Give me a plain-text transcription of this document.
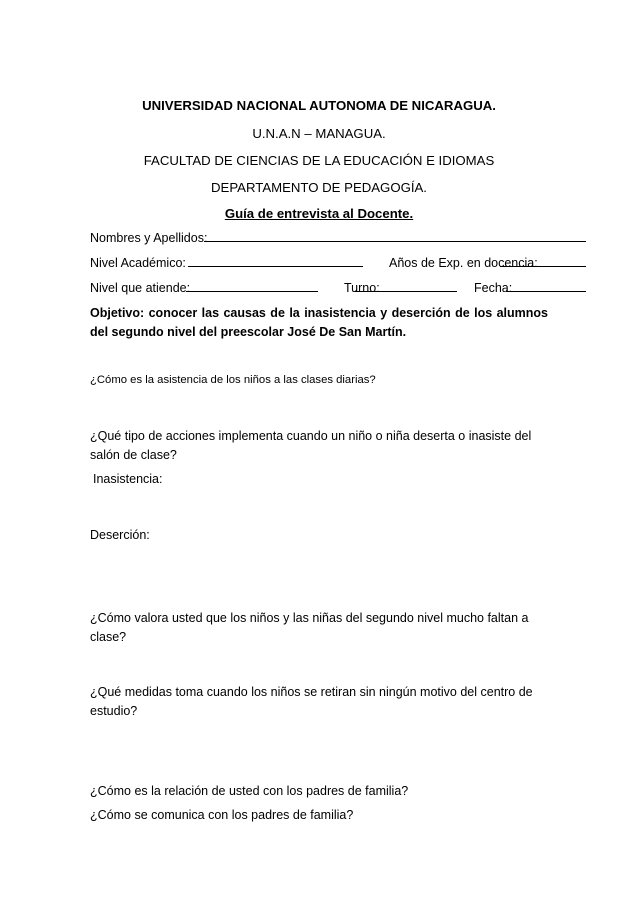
UNIVERSIDAD NACIONAL AUTONOMA DE NICARAGUA.
U.N.A.N – MANAGUA.
FACULTAD DE CIENCIAS DE LA EDUCACIÓN E IDIOMAS
DEPARTAMENTO DE PEDAGOGÍA.
Guía de entrevista al Docente.
Nombres y Apellidos:
Nivel Académico:	Años de Exp. en docencia:
Nivel que atiende:	Turno:	Fecha:
Objetivo: conocer las causas de la inasistencia y deserción de los alumnos del segundo nivel del preescolar José De San Martín.
¿Cómo es la asistencia de los niños a las clases diarias?
¿Qué tipo de acciones implementa cuando un niño o niña deserta o inasiste del salón de clase?
Inasistencia:
Deserción:
¿Cómo valora usted que los niños y las niñas del segundo nivel mucho faltan a clase?
¿Qué medidas toma cuando los niños se retiran sin ningún motivo del centro de estudio?
¿Cómo es la relación de usted con los padres de familia?
¿Cómo se comunica con los padres de familia?
